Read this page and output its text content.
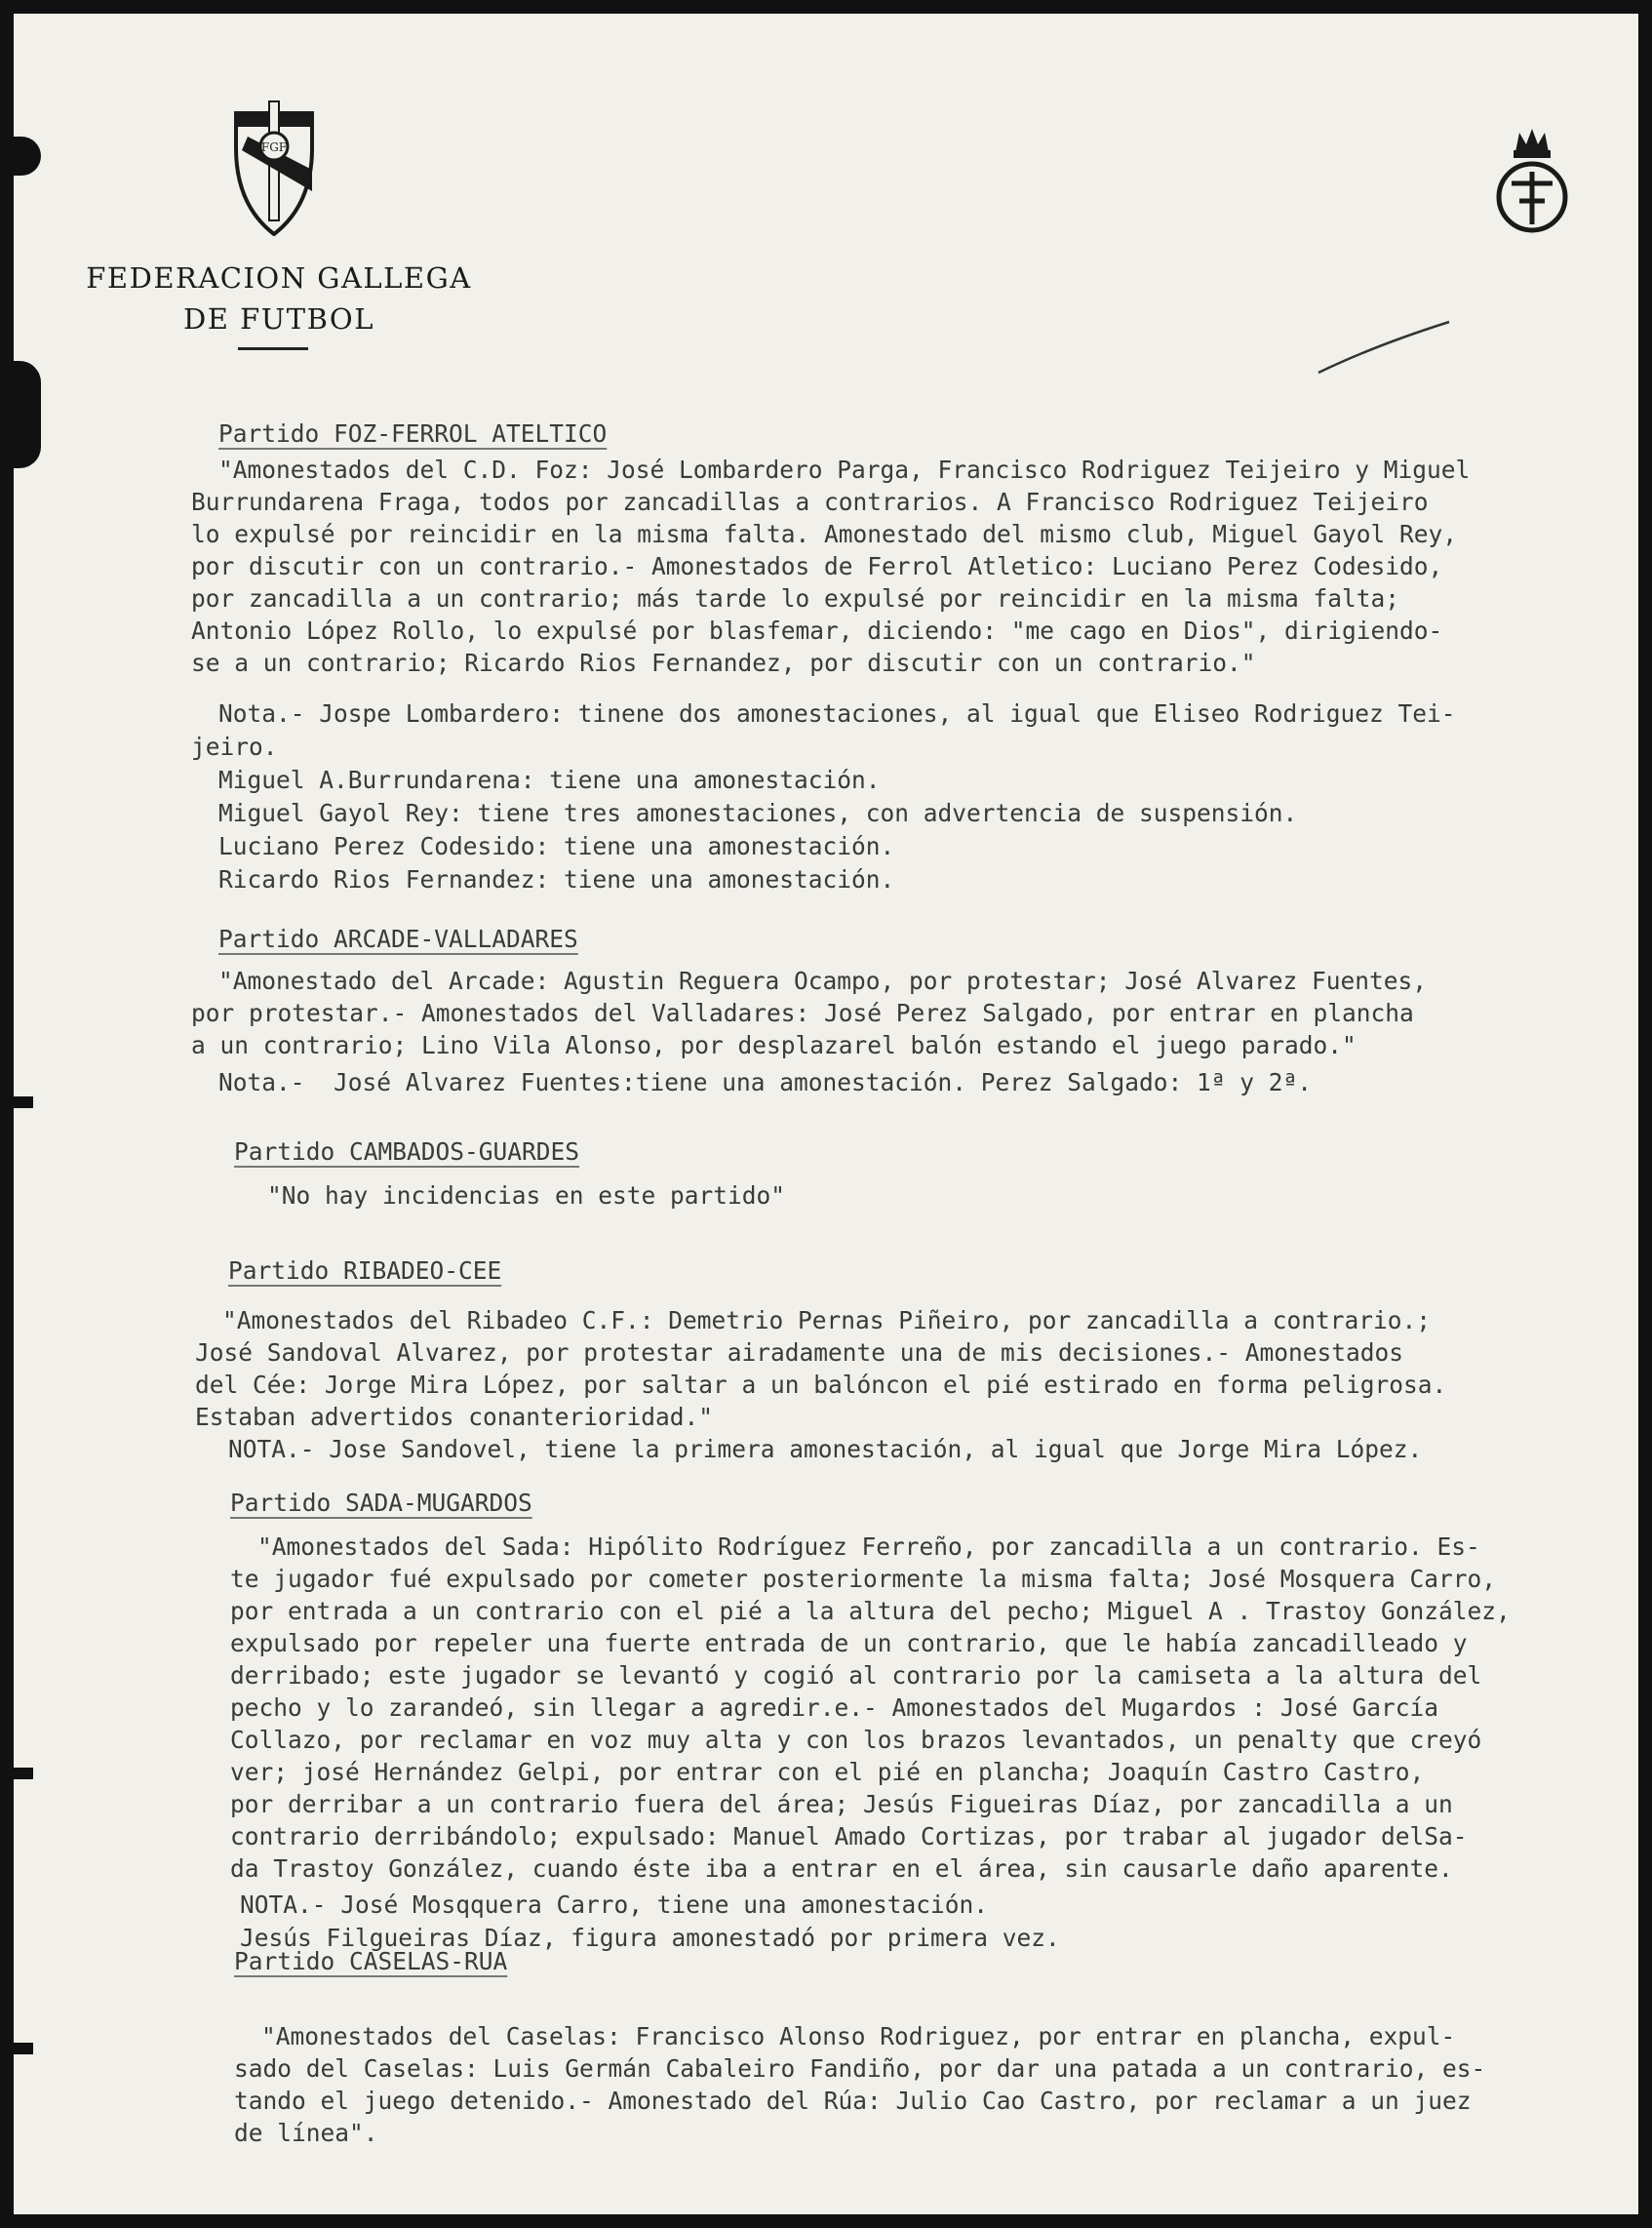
FGF
FEDERACION GALLEGA
DE FUTBOL
FEF
Partido FOZ-FERROL ATELTICO
"Amonestados del C.D. Foz: José Lombardero Parga, Francisco Rodriguez Teijeiro y Miguel
Burrundarena Fraga, todos por zancadillas a contrarios. A Francisco Rodriguez Teijeiro
lo expulsé por reincidir en la misma falta. Amonestado del mismo club, Miguel Gayol Rey,
por discutir con un contrario.- Amonestados de Ferrol Atletico: Luciano Perez Codesido,
por zancadilla a un contrario; más tarde lo expulsé por reincidir en la misma falta;
Antonio López Rollo, lo expulsé por blasfemar, diciendo: "me cago en Dios", dirigiendo-
se a un contrario; Ricardo Rios Fernandez, por discutir con un contrario."
Nota.- Jospe Lombardero: tinene dos amonestaciones, al igual que Eliseo Rodriguez Tei-
jeiro.
Miguel A.Burrundarena: tiene una amonestación.
Miguel Gayol Rey: tiene tres amonestaciones, con advertencia de suspensión.
Luciano Perez Codesido: tiene una amonestación.
Ricardo Rios Fernandez: tiene una amonestación.
Partido ARCADE-VALLADARES
"Amonestado del Arcade: Agustin Reguera Ocampo, por protestar; José Alvarez Fuentes,
por protestar.- Amonestados del Valladares: José Perez Salgado, por entrar en plancha
a un contrario; Lino Vila Alonso, por desplazarel balón estando el juego parado."
Nota.-  José Alvarez Fuentes:tiene una amonestación. Perez Salgado: 1ª y 2ª.
Partido CAMBADOS-GUARDES
"No hay incidencias en este partido"
Partido RIBADEO-CEE
"Amonestados del Ribadeo C.F.: Demetrio Pernas Piñeiro, por zancadilla a contrario.;
José Sandoval Alvarez, por protestar airadamente una de mis decisiones.- Amonestados
del Cée: Jorge Mira López, por saltar a un balóncon el pié estirado en forma peligrosa.
Estaban advertidos conanterioridad."
NOTA.- Jose Sandovel, tiene la primera amonestación, al igual que Jorge Mira López.
Partido SADA-MUGARDOS
"Amonestados del Sada: Hipólito Rodríguez Ferreño, por zancadilla a un contrario. Es-
te jugador fué expulsado por cometer posteriormente la misma falta; José Mosquera Carro,
por entrada a un contrario con el pié a la altura del pecho; Miguel A . Trastoy González,
expulsado por repeler una fuerte entrada de un contrario, que le había zancadilleado y
derribado; este jugador se levantó y cogió al contrario por la camiseta a la altura del
pecho y lo zarandeó, sin llegar a agredir.e.- Amonestados del Mugardos : José García
Collazo, por reclamar en voz muy alta y con los brazos levantados, un penalty que creyó
ver; josé Hernández Gelpi, por entrar con el pié en plancha; Joaquín Castro Castro,
por derribar a un contrario fuera del área; Jesús Figueiras Díaz, por zancadilla a un
contrario derribándolo; expulsado: Manuel Amado Cortizas, por trabar al jugador delSa-
da Trastoy González, cuando éste iba a entrar en el área, sin causarle daño aparente.
NOTA.- José Mosqquera Carro, tiene una amonestación.
Jesús Filgueiras Díaz, figura amonestadó por primera vez.
Partido CASELAS-RUA
"Amonestados del Caselas: Francisco Alonso Rodriguez, por entrar en plancha, expul-
sado del Caselas: Luis Germán Cabaleiro Fandiño, por dar una patada a un contrario, es-
tando el juego detenido.- Amonestado del Rúa: Julio Cao Castro, por reclamar a un juez
de línea".
